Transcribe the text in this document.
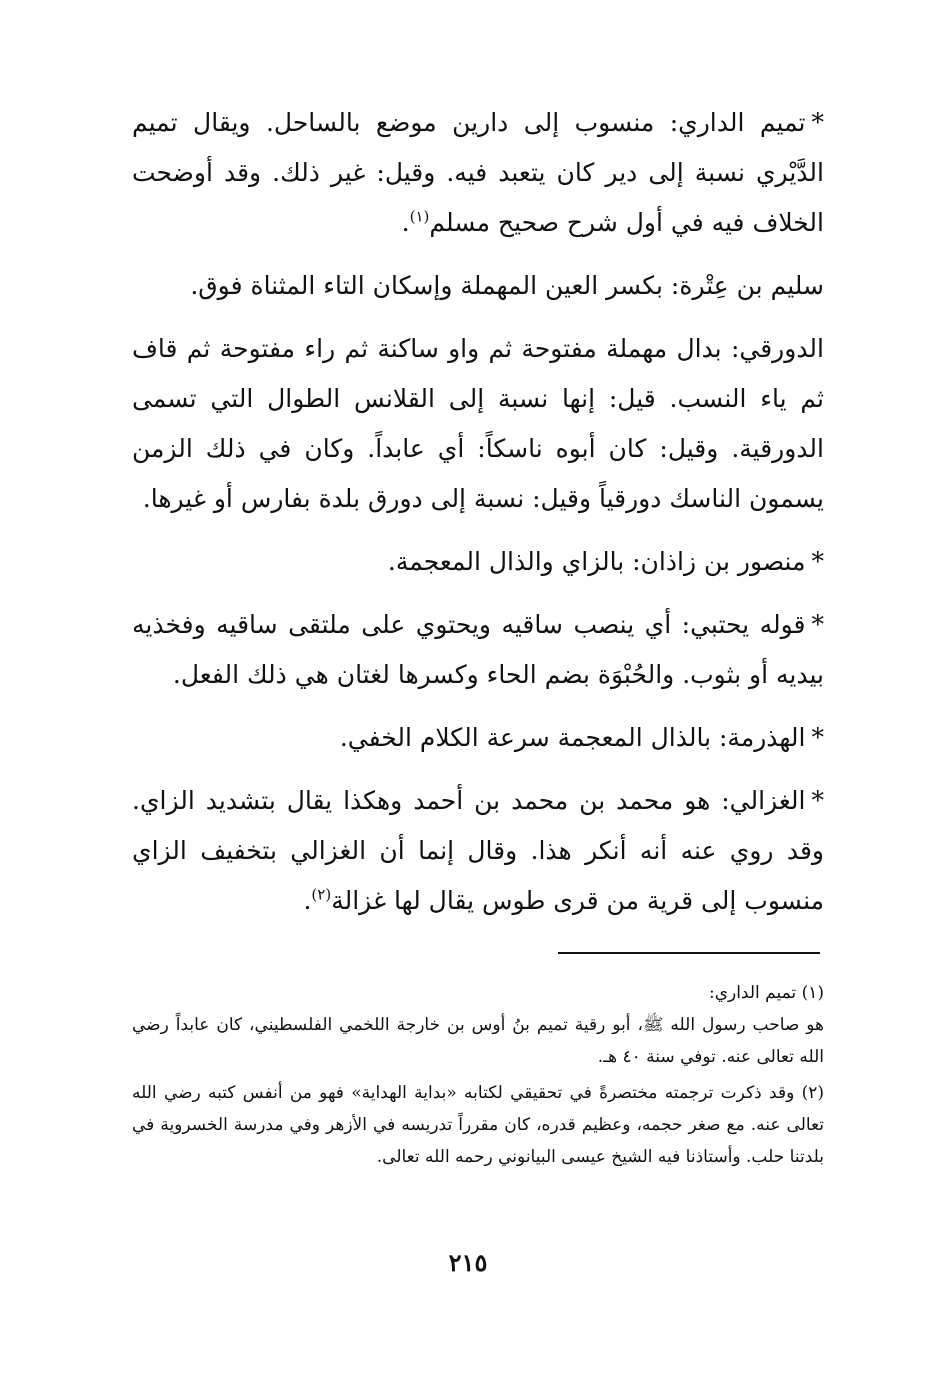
*تميم الداري: منسوب إلى دارين موضع بالساحل. ويقال تميم الدَّيْري نسبة إلى دير كان يتعبد فيه. وقيل: غير ذلك. وقد أوضحت الخلاف فيه في أول شرح صحيح مسلم$^{(١)}$.

سليم بن عِتْرة: بكسر العين المهملة وإسكان التاء المثناة فوق.

الدورقي: بدال مهملة مفتوحة ثم واو ساكنة ثم راء مفتوحة ثم قاف ثم ياء النسب. قيل: إنها نسبة إلى القلانس الطوال التي تسمى الدورقية. وقيل: كان أبوه ناسكاً: أي عابداً. وكان في ذلك الزمن يسمون الناسك دورقياً وقيل: نسبة إلى دورق بلدة بفارس أو غيرها.

*منصور بن زاذان: بالزاي والذال المعجمة.

*قوله يحتبي: أي ينصب ساقيه ويحتوي على ملتقى ساقيه وفخذيه بيديه أو بثوب. والحُبْوَة بضم الحاء وكسرها لغتان هي ذلك الفعل.

*الهذرمة: بالذال المعجمة سرعة الكلام الخفي.

*الغزالي: هو محمد بن محمد بن أحمد وهكذا يقال بتشديد الزاي. وقد روي عنه أنه أنكر هذا. وقال إنما أن الغزالي بتخفيف الزاي منسوب إلى قرية من قرى طوس يقال لها غزالة$^{(٢)}$.

(١) تميم الداري:

هو صاحب رسول الله ﷺ، أبو رقية تميم بنُ أوس بن خارجة اللخمي الفلسطيني، كان عابداً رضي الله تعالى عنه. توفي سنة ٤٠ هـ.

(٢) وقد ذكرت ترجمته مختصرةً في تحقيقي لكتابه «بداية الهداية» فهو من أنفس كتبه رضي الله تعالى عنه. مع صغر حجمه، وعظيم قدره، كان مقرراً تدريسه في الأزهر وفي مدرسة الخسروية في بلدتنا حلب. وأستاذنا فيه الشيخ عيسى البيانوني رحمه الله تعالى.

٢١٥
